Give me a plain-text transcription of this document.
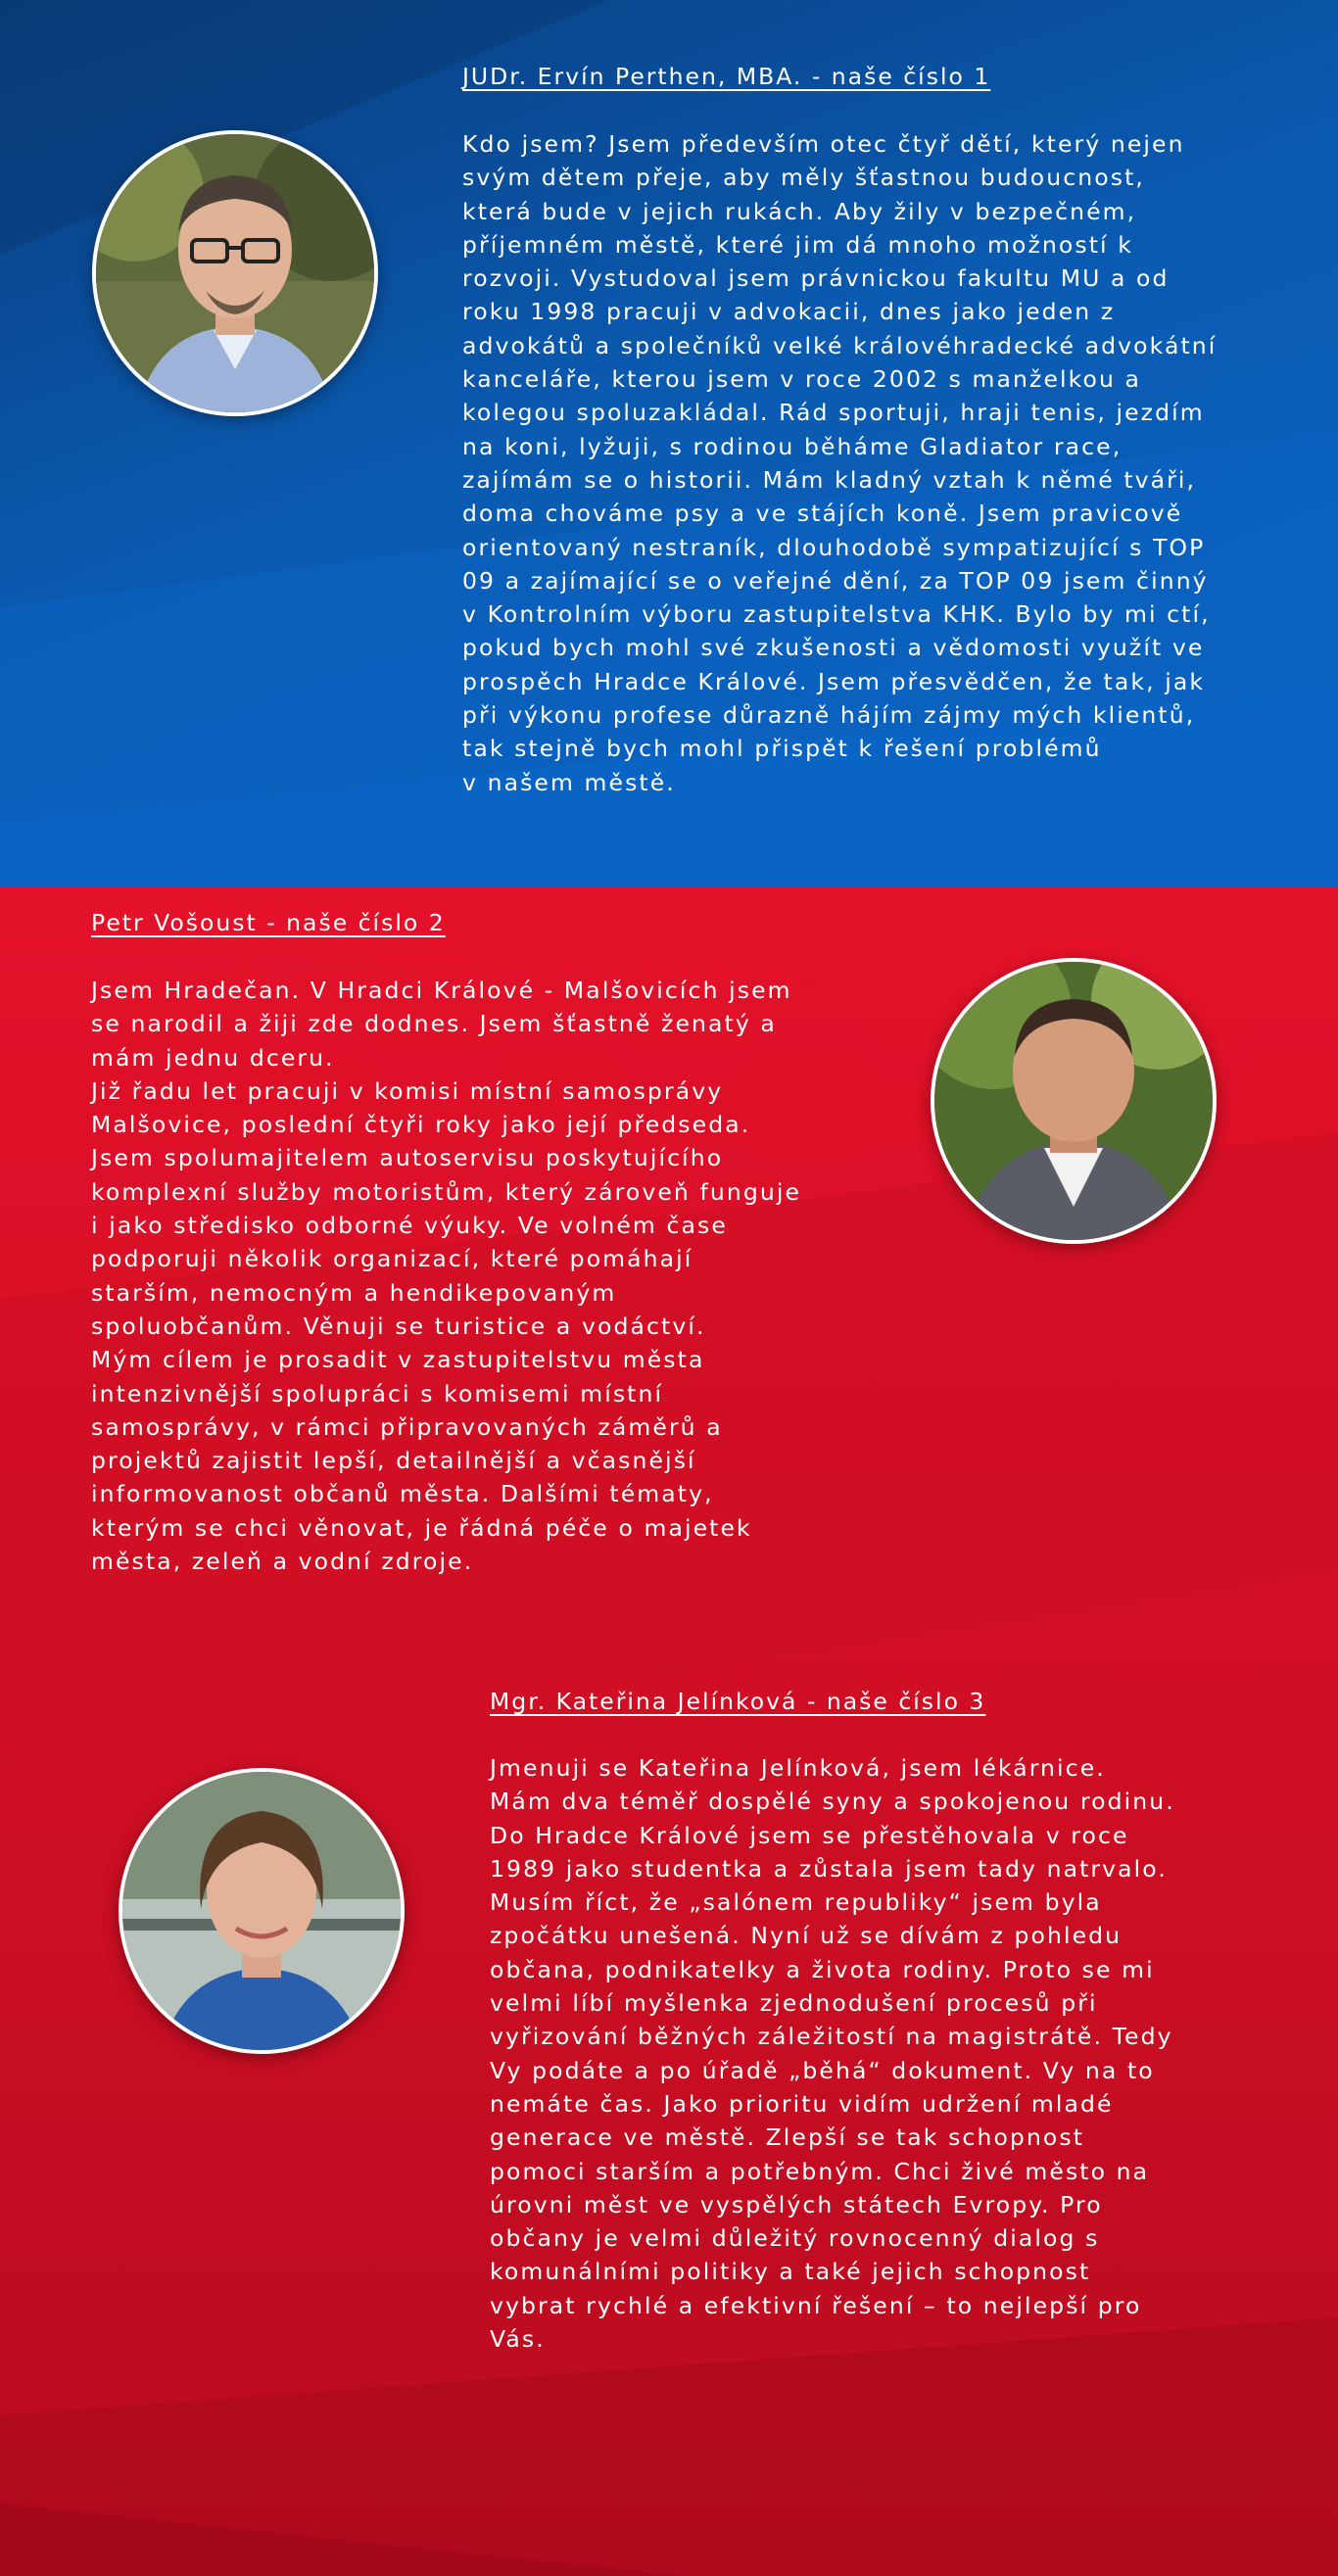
JUDr. Ervín Perthen, MBA. - naše číslo 1

Kdo jsem? Jsem především otec čtyř dětí, který nejen
svým dětem přeje, aby měly šťastnou budoucnost,
která bude v jejich rukách. Aby žily v bezpečném,
příjemném městě, které jim dá mnoho možností k
rozvoji. Vystudoval jsem právnickou fakultu MU a od
roku 1998 pracuji v advokacii, dnes jako jeden z
advokátů a společníků velké královéhradecké advokátní
kanceláře, kterou jsem v roce 2002 s manželkou a
kolegou spoluzakládal. Rád sportuji, hraji tenis, jezdím
na koni, lyžuji, s rodinou běháme Gladiator race,
zajímám se o historii. Mám kladný vztah k němé tváři,
doma chováme psy a ve stájích koně. Jsem pravicově
orientovaný nestraník, dlouhodobě sympatizující s TOP
09 a zajímající se o veřejné dění, za TOP 09 jsem činný
v Kontrolním výboru zastupitelstva KHK. Bylo by mi ctí,
pokud bych mohl své zkušenosti a vědomosti využít ve
prospěch Hradce Králové. Jsem přesvědčen, že tak, jak
při výkonu profese důrazně hájím zájmy mých klientů,
tak stejně bych mohl přispět k řešení problémů
v našem městě.

Petr Vošoust - naše číslo 2

Jsem Hradečan. V Hradci Králové - Malšovicích jsem
se narodil a žiji zde dodnes. Jsem šťastně ženatý a
mám jednu dceru.
Již řadu let pracuji v komisi místní samosprávy
Malšovice, poslední čtyři roky jako její předseda.
Jsem spolumajitelem autoservisu poskytujícího
komplexní služby motoristům, který zároveň funguje
i jako středisko odborné výuky. Ve volném čase
podporuji několik organizací, které pomáhají
starším, nemocným a hendikepovaným
spoluobčanům. Věnuji se turistice a vodáctví.
Mým cílem je prosadit v zastupitelstvu města
intenzivnější spolupráci s komisemi místní
samosprávy, v rámci připravovaných záměrů a
projektů zajistit lepší, detailnější a včasnější
informovanost občanů města. Dalšími tématy,
kterým se chci věnovat, je řádná péče o majetek
města, zeleň a vodní zdroje.

Mgr. Kateřina Jelínková - naše číslo 3

Jmenuji se Kateřina Jelínková, jsem lékárnice.
Mám dva téměř dospělé syny a spokojenou rodinu.
Do Hradce Králové jsem se přestěhovala v roce
1989 jako studentka a zůstala jsem tady natrvalo.
Musím říct, že „salónem republiky“ jsem byla
zpočátku unešená. Nyní už se dívám z pohledu
občana, podnikatelky a života rodiny. Proto se mi
velmi líbí myšlenka zjednodušení procesů při
vyřizování běžných záležitostí na magistrátě. Tedy
Vy podáte a po úřadě „běhá“ dokument. Vy na to
nemáte čas. Jako prioritu vidím udržení mladé
generace ve městě. Zlepší se tak schopnost
pomoci starším a potřebným. Chci živé město na
úrovni měst ve vyspělých státech Evropy. Pro
občany je velmi důležitý rovnocenný dialog s
komunálními politiky a také jejich schopnost
vybrat rychlé a efektivní řešení – to nejlepší pro
Vás.
